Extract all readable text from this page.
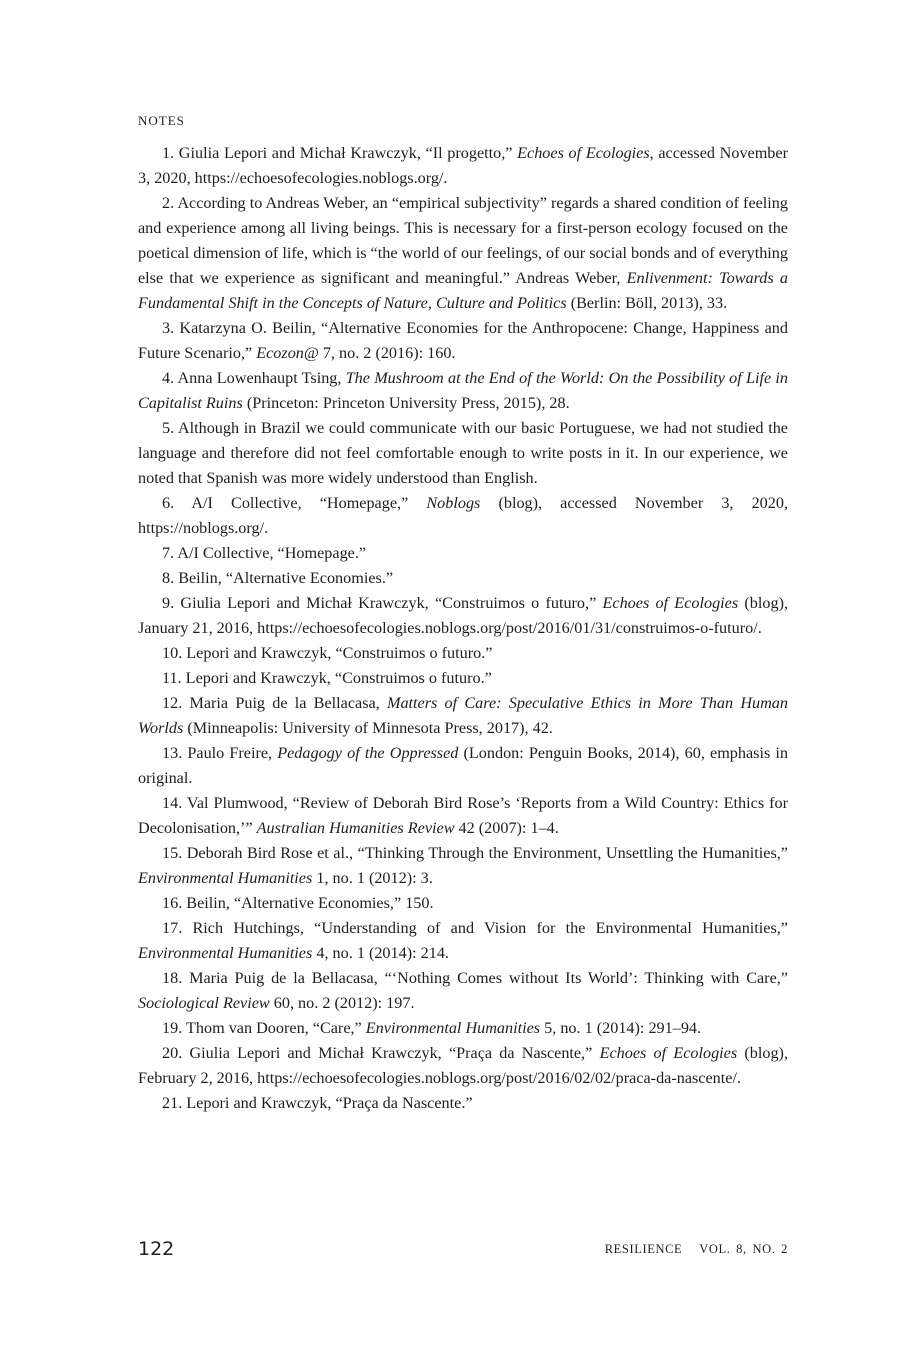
NOTES

1. Giulia Lepori and Michał Krawczyk, “Il progetto,” Echoes of Ecologies, accessed November 3, 2020, https://echoesofecologies.noblogs.org/.

2. According to Andreas Weber, an “empirical subjectivity” regards a shared condition of feeling and experience among all living beings. This is necessary for a first-person ecology focused on the poetical dimension of life, which is “the world of our feelings, of our social bonds and of everything else that we experience as significant and meaningful.” Andreas Weber, Enlivenment: Towards a Fundamental Shift in the Concepts of Nature, Culture and Politics (Berlin: Böll, 2013), 33.

3. Katarzyna O. Beilin, “Alternative Economies for the Anthropocene: Change, Happiness and Future Scenario,” Ecozon@ 7, no. 2 (2016): 160.

4. Anna Lowenhaupt Tsing, The Mushroom at the End of the World: On the Possibility of Life in Capitalist Ruins (Princeton: Princeton University Press, 2015), 28.

5. Although in Brazil we could communicate with our basic Portuguese, we had not studied the language and therefore did not feel comfortable enough to write posts in it. In our experience, we noted that Spanish was more widely understood than English.

6. A/I Collective, “Homepage,” Noblogs (blog), accessed November 3, 2020, https://noblogs.org/.

7. A/I Collective, “Homepage.”

8. Beilin, “Alternative Economies.”

9. Giulia Lepori and Michał Krawczyk, “Construimos o futuro,” Echoes of Ecologies (blog), January 21, 2016, https://echoesofecologies.noblogs.org/post/2016/01/31/construimos-o-futuro/.

10. Lepori and Krawczyk, “Construimos o futuro.”

11. Lepori and Krawczyk, “Construimos o futuro.”

12. Maria Puig de la Bellacasa, Matters of Care: Speculative Ethics in More Than Human Worlds (Minneapolis: University of Minnesota Press, 2017), 42.

13. Paulo Freire, Pedagogy of the Oppressed (London: Penguin Books, 2014), 60, emphasis in original.

14. Val Plumwood, “Review of Deborah Bird Rose’s ‘Reports from a Wild Country: Ethics for Decolonisation,’” Australian Humanities Review 42 (2007): 1–4.

15. Deborah Bird Rose et al., “Thinking Through the Environment, Unsettling the Humanities,” Environmental Humanities 1, no. 1 (2012): 3.

16. Beilin, “Alternative Economies,” 150.

17. Rich Hutchings, “Understanding of and Vision for the Environmental Humanities,” Environmental Humanities 4, no. 1 (2014): 214.

18. Maria Puig de la Bellacasa, “‘Nothing Comes without Its World’: Thinking with Care,” Sociological Review 60, no. 2 (2012): 197.

19. Thom van Dooren, “Care,” Environmental Humanities 5, no. 1 (2014): 291–94.

20. Giulia Lepori and Michał Krawczyk, “Praça da Nascente,” Echoes of Ecologies (blog), February 2, 2016, https://echoesofecologies.noblogs.org/post/2016/02/02/praca-da-nascente/.

21. Lepori and Krawczyk, “Praça da Nascente.”

122	RESILIENCE   VOL. 8, NO. 2
